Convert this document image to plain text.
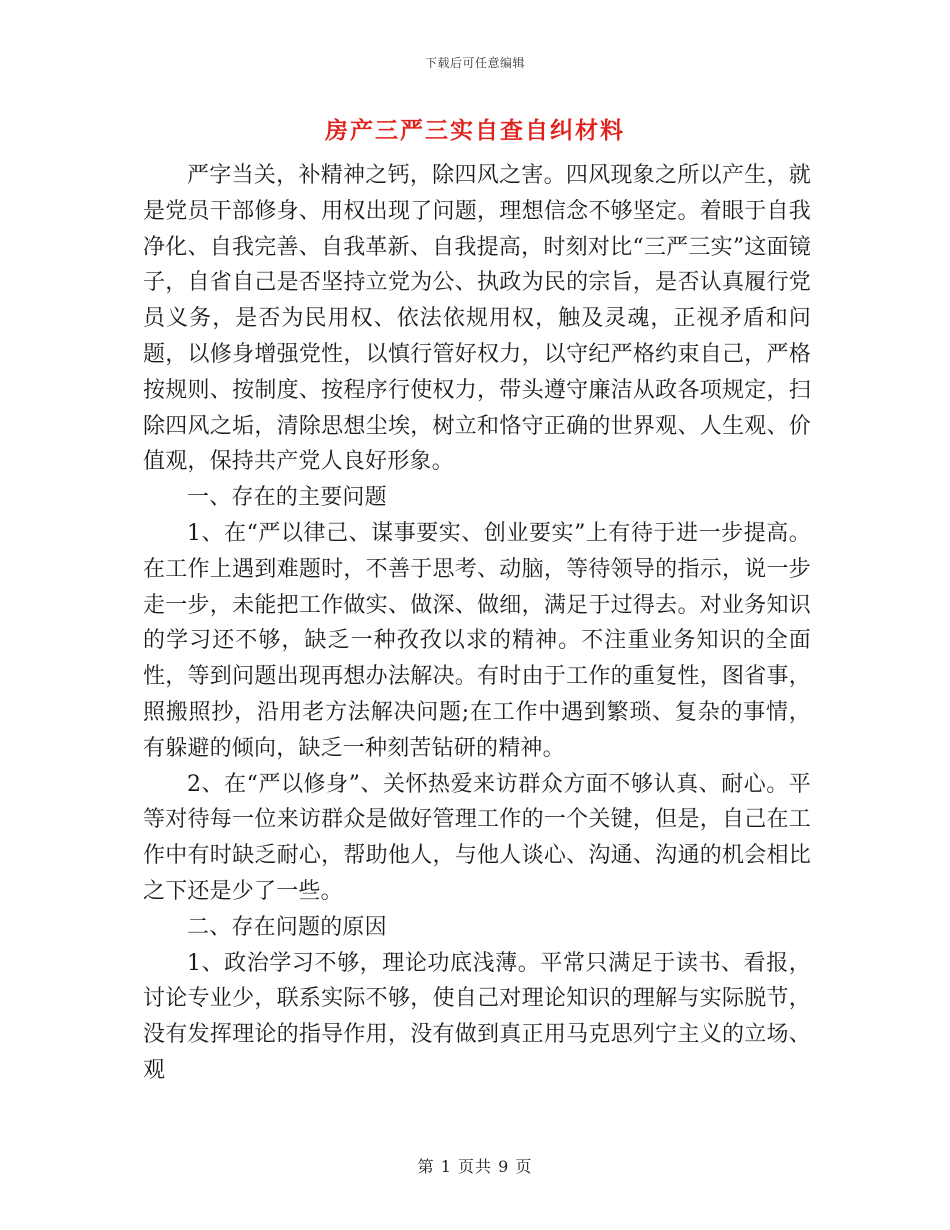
下载后可任意编辑
房产三严三实自查自纠材料

严字当关，补精神之钙，除四风之害。四风现象之所以产生，就是党员干部修身、用权出现了问题，理想信念不够坚定。着眼于自我净化、自我完善、自我革新、自我提高，时刻对比“三严三实”这面镜子，自省自己是否坚持立党为公、执政为民的宗旨，是否认真履行党员义务，是否为民用权、依法依规用权，触及灵魂，正视矛盾和问题，以修身增强党性，以慎行管好权力，以守纪严格约束自己，严格按规则、按制度、按程序行使权力，带头遵守廉洁从政各项规定，扫除四风之垢，清除思想尘埃，树立和恪守正确的世界观、人生观、价值观，保持共产党人良好形象。

一、存在的主要问题

1、在“严以律己、谋事要实、创业要实”上有待于进一步提高。在工作上遇到难题时，不善于思考、动脑，等待领导的指示，说一步走一步，未能把工作做实、做深、做细，满足于过得去。对业务知识的学习还不够，缺乏一种孜孜以求的精神。不注重业务知识的全面性，等到问题出现再想办法解决。有时由于工作的重复性，图省事，照搬照抄，沿用老方法解决问题;在工作中遇到繁琐、复杂的事情，有躲避的倾向，缺乏一种刻苦钻研的精神。

2、在“严以修身”、关怀热爱来访群众方面不够认真、耐心。平等对待每一位来访群众是做好管理工作的一个关键，但是，自己在工作中有时缺乏耐心，帮助他人，与他人谈心、沟通、沟通的机会相比之下还是少了一些。

二、存在问题的原因

1、政治学习不够，理论功底浅薄。平常只满足于读书、看报，讨论专业少，联系实际不够，使自己对理论知识的理解与实际脱节，没有发挥理论的指导作用，没有做到真正用马克思列宁主义的立场、观

第 1 页共 9 页
